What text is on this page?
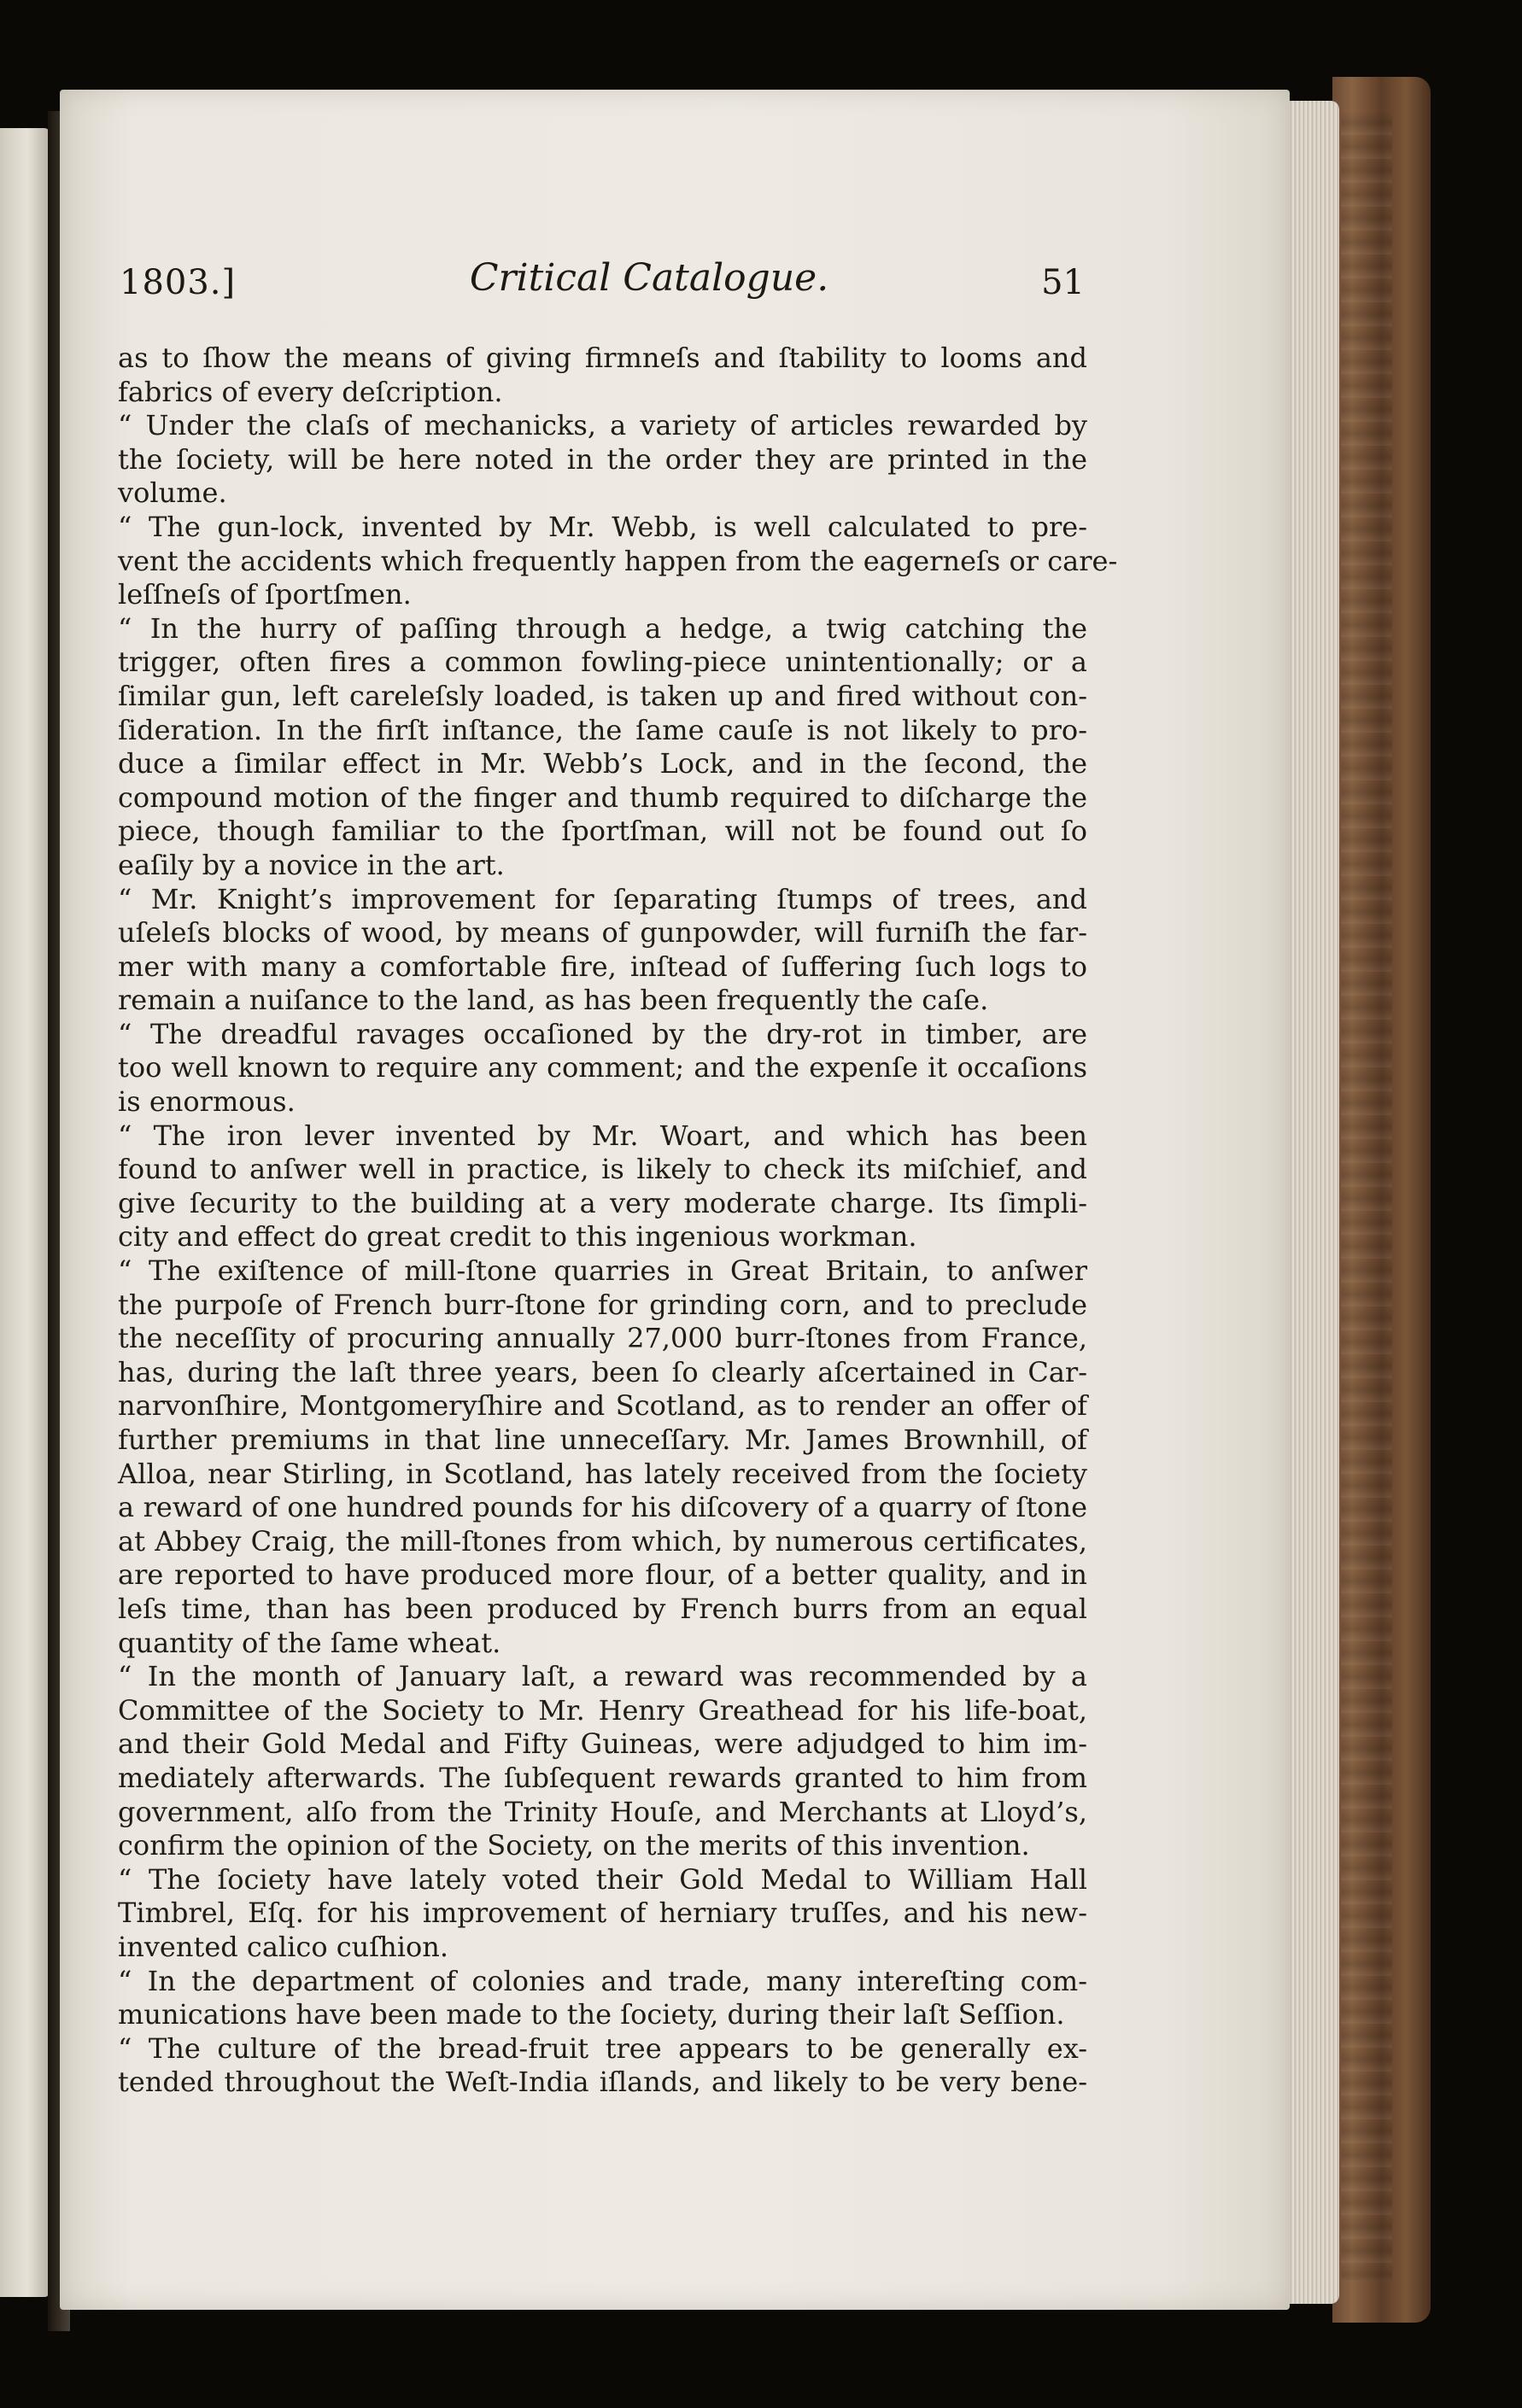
1803.]	Critical Catalogue.	51
as to ſhow the means of giving firmneſs and ſtability to looms and
fabrics of every deſcription.
“ Under the claſs of mechanicks, a variety of articles rewarded by
the ſociety, will be here noted in the order they are printed in the
volume.
“ The gun-lock, invented by Mr. Webb, is well calculated to pre-
vent the accidents which frequently happen from the eagerneſs or care-
leſſneſs of ſportſmen.
“ In the hurry of paſſing through a hedge, a twig catching the
trigger, often fires a common fowling-piece unintentionally; or a
ſimilar gun, left careleſsly loaded, is taken up and fired without con-
ſideration. In the firſt inſtance, the ſame cauſe is not likely to pro-
duce a ſimilar effect in Mr. Webb’s Lock, and in the ſecond, the
compound motion of the finger and thumb required to diſcharge the
piece, though familiar to the ſportſman, will not be found out ſo
eaſily by a novice in the art.
“ Mr. Knight’s improvement for ſeparating ſtumps of trees, and
uſeleſs blocks of wood, by means of gunpowder, will furniſh the far-
mer with many a comfortable fire, inſtead of ſuffering ſuch logs to
remain a nuiſance to the land, as has been frequently the caſe.
“ The dreadful ravages occaſioned by the dry-rot in timber, are
too well known to require any comment; and the expenſe it occaſions
is enormous.
“ The iron lever invented by Mr. Woart, and which has been
found to anſwer well in practice, is likely to check its miſchief, and
give ſecurity to the building at a very moderate charge. Its ſimpli-
city and effect do great credit to this ingenious workman.
“ The exiſtence of mill-ſtone quarries in Great Britain, to anſwer
the purpoſe of French burr-ſtone for grinding corn, and to preclude
the neceſſity of procuring annually 27,000 burr-ſtones from France,
has, during the laſt three years, been ſo clearly aſcertained in Car-
narvonſhire, Montgomeryſhire and Scotland, as to render an offer of
further premiums in that line unneceſſary. Mr. James Brownhill, of
Alloa, near Stirling, in Scotland, has lately received from the ſociety
a reward of one hundred pounds for his diſcovery of a quarry of ſtone
at Abbey Craig, the mill-ſtones from which, by numerous certificates,
are reported to have produced more flour, of a better quality, and in
leſs time, than has been produced by French burrs from an equal
quantity of the ſame wheat.
“ In the month of January laſt, a reward was recommended by a
Committee of the Society to Mr. Henry Greathead for his life-boat,
and their Gold Medal and Fifty Guineas, were adjudged to him im-
mediately afterwards. The ſubſequent rewards granted to him from
government, alſo from the Trinity Houſe, and Merchants at Lloyd’s,
confirm the opinion of the Society, on the merits of this invention.
“ The ſociety have lately voted their Gold Medal to William Hall
Timbrel, Eſq. for his improvement of herniary truſſes, and his new-
invented calico cuſhion.
“ In the department of colonies and trade, many intereſting com-
munications have been made to the ſociety, during their laſt Seſſion.
“ The culture of the bread-fruit tree appears to be generally ex-
tended throughout the Weſt-India iſlands, and likely to be very bene-
